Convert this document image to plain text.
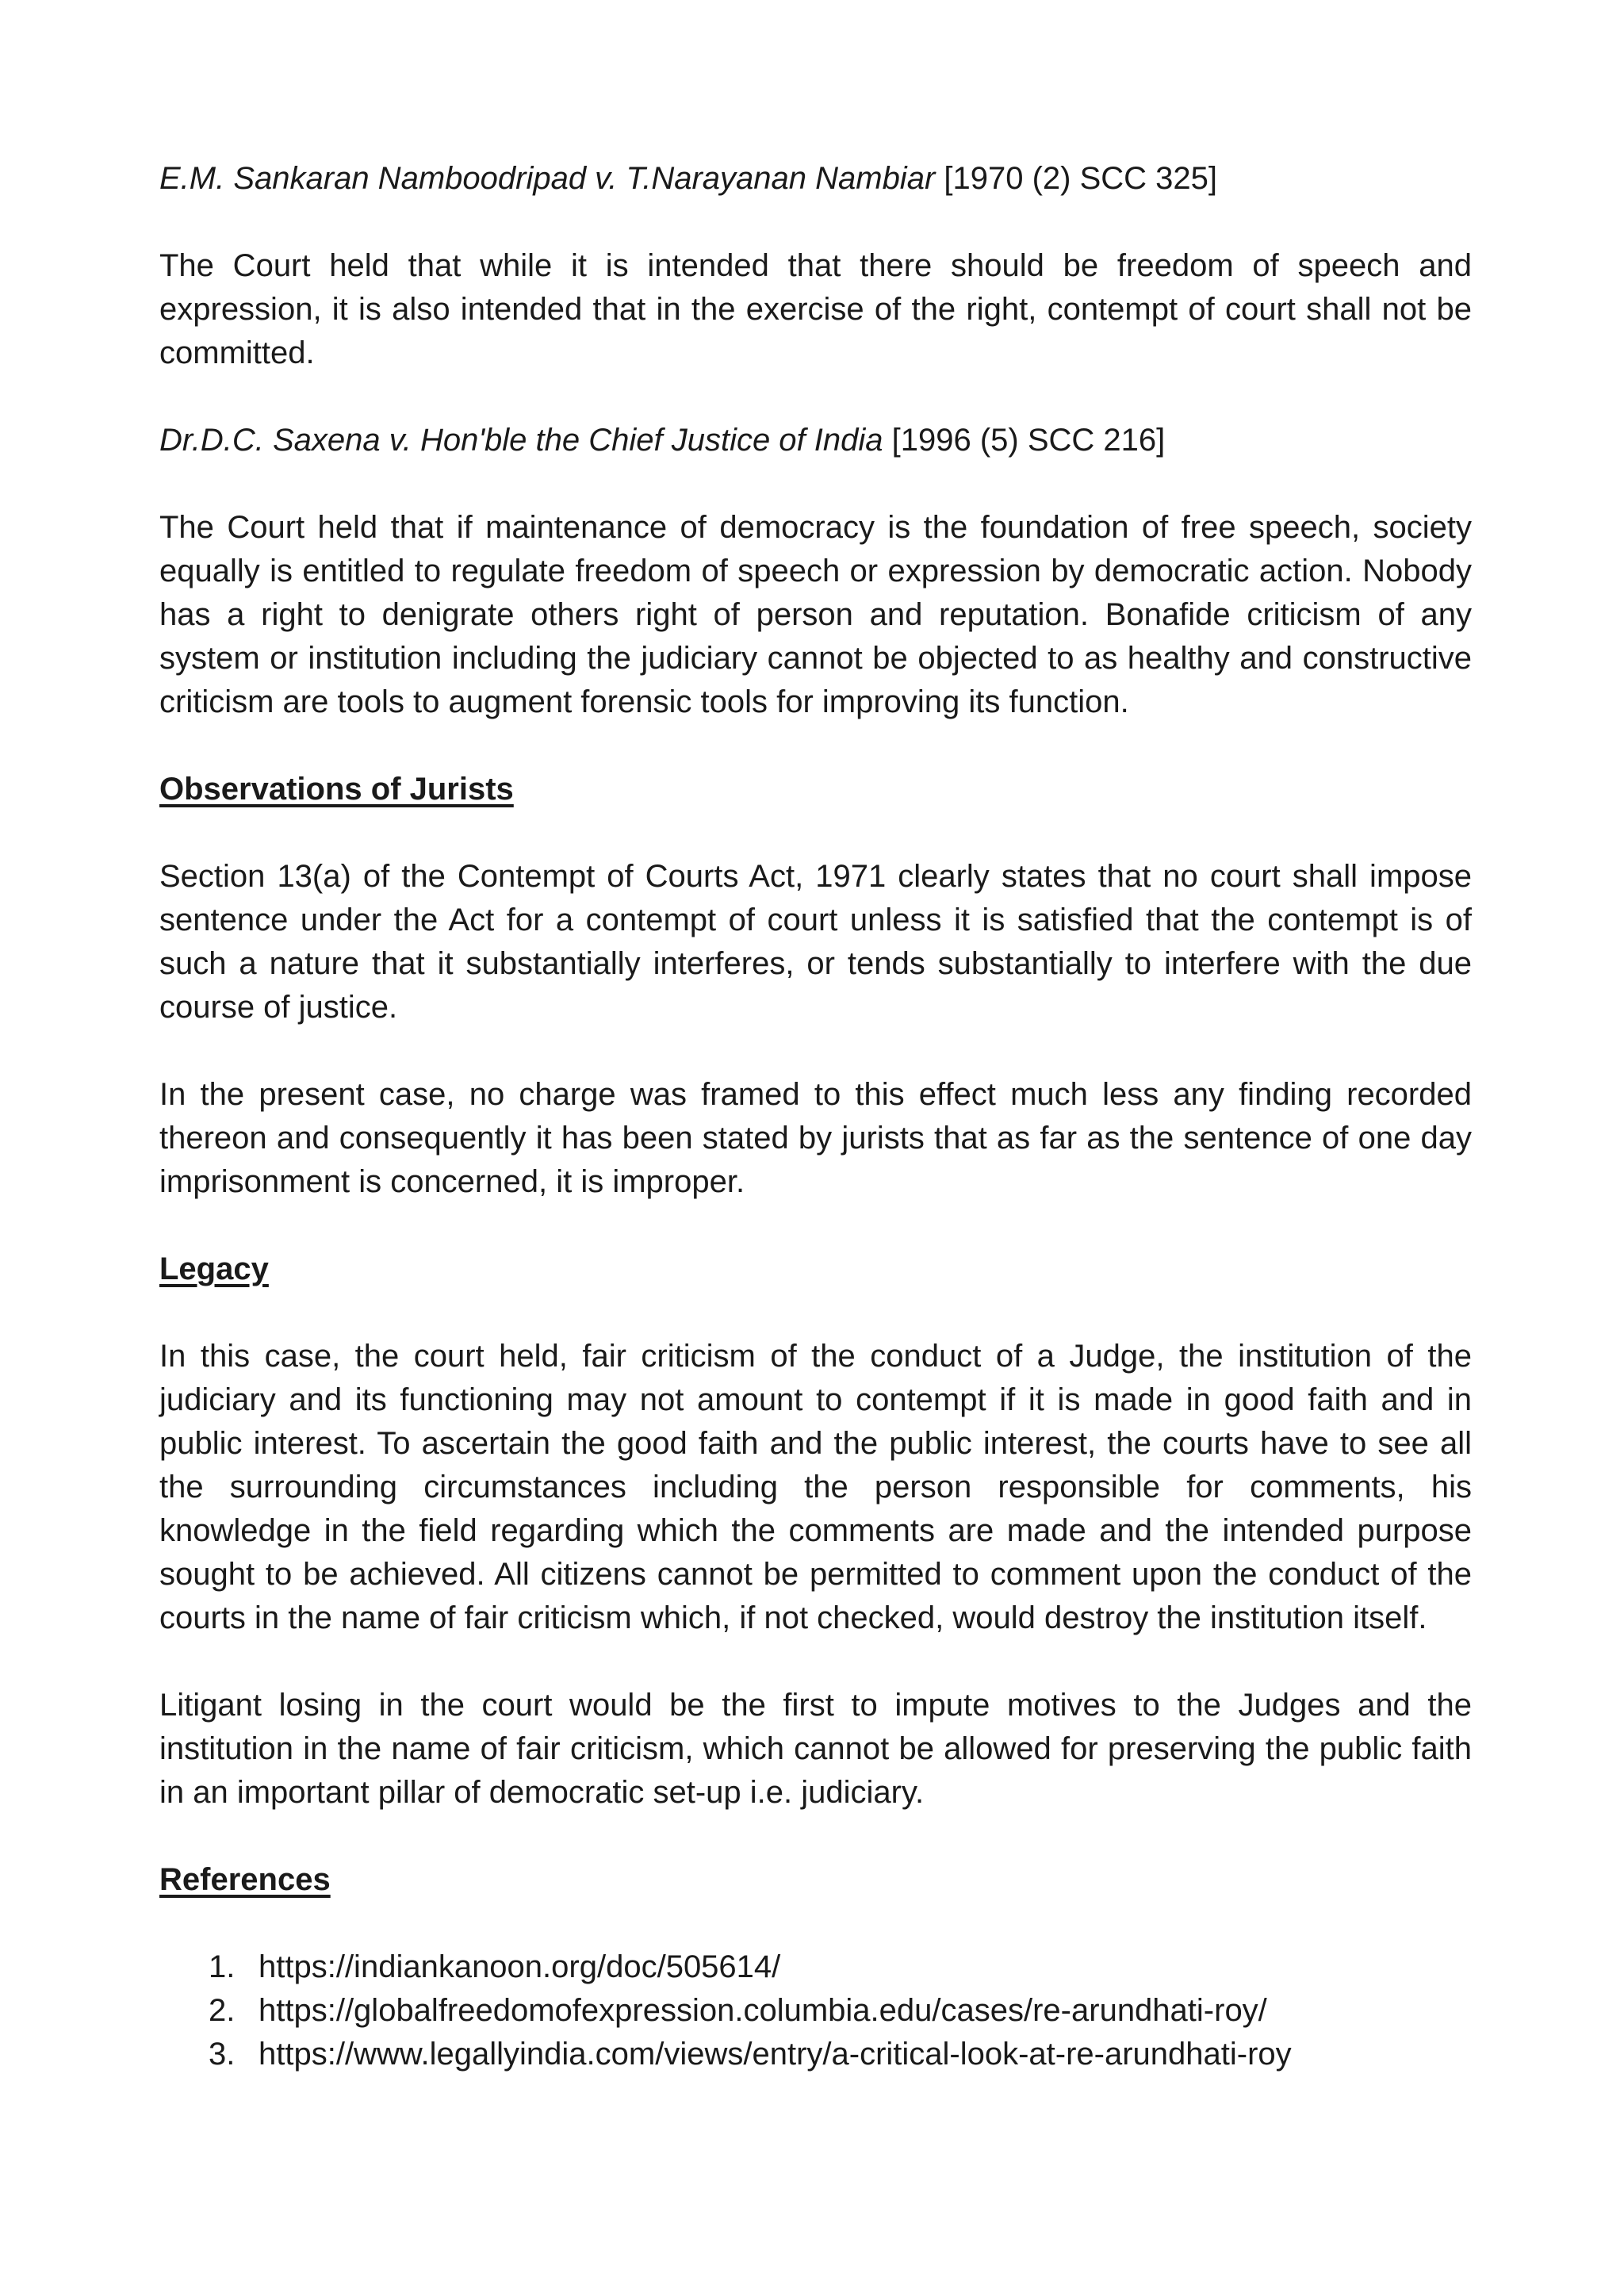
E.M. Sankaran Namboodripad v. T.Narayanan Nambiar [1970 (2) SCC 325]

The Court held that while it is intended that there should be freedom of speech and expression, it is also intended that in the exercise of the right, contempt of court shall not be committed.

Dr.D.C. Saxena v. Hon'ble the Chief Justice of India [1996 (5) SCC 216]

The Court held that if maintenance of democracy is the foundation of free speech, society equally is entitled to regulate freedom of speech or expression by democratic action. Nobody has a right to denigrate others right of person and reputation. Bonafide criticism of any system or institution including the judiciary cannot be objected to as healthy and constructive criticism are tools to augment forensic tools for improving its function.

Observations of Jurists

Section 13(a) of the Contempt of Courts Act, 1971 clearly states that no court shall impose sentence under the Act for a contempt of court unless it is satisfied that the contempt is of such a nature that it substantially interferes, or tends substantially to interfere with the due course of justice.

In the present case, no charge was framed to this effect much less any finding recorded thereon and consequently it has been stated by jurists that as far as the sentence of one day imprisonment is concerned, it is improper.

Legacy

In this case, the court held, fair criticism of the conduct of a Judge, the institution of the judiciary and its functioning may not amount to contempt if it is made in good faith and in public interest. To ascertain the good faith and the public interest, the courts have to see all the surrounding circumstances including the person responsible for comments, his knowledge in the field regarding which the comments are made and the intended purpose sought to be achieved. All citizens cannot be permitted to comment upon the conduct of the courts in the name of fair criticism which, if not checked, would destroy the institution itself.

Litigant losing in the court would be the first to impute motives to the Judges and the institution in the name of fair criticism, which cannot be allowed for preserving the public faith in an important pillar of democratic set-up i.e. judiciary.

References

1. https://indiankanoon.org/doc/505614/
2. https://globalfreedomofexpression.columbia.edu/cases/re-arundhati-roy/
3. https://www.legallyindia.com/views/entry/a-critical-look-at-re-arundhati-roy
